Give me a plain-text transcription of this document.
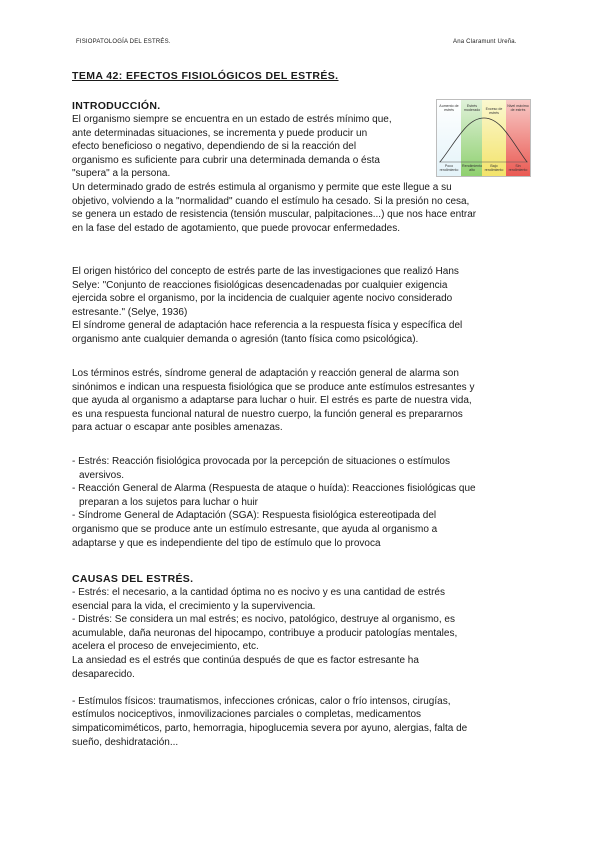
FISIOPATOLOGÍA DEL ESTRÉS.	Ana Claramunt Ureña.
TEMA 42: EFECTOS FISIOLÓGICOS DEL ESTRÉS.
INTRODUCCIÓN.

El organismo siempre se encuentra en un estado de estrés mínimo que,

ante determinadas situaciones, se incrementa y puede producir un

efecto beneficioso o negativo, dependiendo de si la reacción del

organismo es suficiente para cubrir una determinada demanda o ésta

"supera" a la persona.

Un determinado grado de estrés estimula al organismo y permite que este llegue a su

objetivo, volviendo a la "normalidad" cuando el estímulo ha cesado. Si la presión no cesa,

se genera un estado de resistencia (tensión muscular, palpitaciones...) que nos hace entrar

en la fase del estado de agotamiento, que puede provocar enfermedades.

Aumento de estrés
Estrés moderado	Exceso de estrés
Nivel máximo de estrés
Poco rendimiento
Rendimiento alto
Bajo rendimiento
Sin rendimiento

El origen histórico del concepto de estrés parte de las investigaciones que realizó Hans

Selye: "Conjunto de reacciones fisiológicas desencadenadas por cualquier exigencia

ejercida sobre el organismo, por la incidencia de cualquier agente nocivo considerado

estresante." (Selye, 1936)

El síndrome general de adaptación hace referencia a la respuesta física y específica del

organismo ante cualquier demanda o agresión (tanto física como psicológica).

Los términos estrés, síndrome general de adaptación y reacción general de alarma son

sinónimos e indican una respuesta fisiológica que se produce ante estímulos estresantes y

que ayuda al organismo a adaptarse para luchar o huir. El estrés es parte de nuestra vida,

es una respuesta funcional natural de nuestro cuerpo, la función general es prepararnos

para actuar o escapar ante posibles amenazas.

- Estrés: Reacción fisiológica provocada por la percepción de situaciones o estímulos

aversivos.

- Reacción General de Alarma (Respuesta de ataque o huída): Reacciones fisiológicas que

preparan a los sujetos para luchar o huir

- Síndrome General de Adaptación (SGA): Respuesta fisiológica estereotipada del

organismo que se produce ante un estímulo estresante, que ayuda al organismo a

adaptarse y que es independiente del tipo de estímulo que lo provoca

CAUSAS DEL ESTRÉS.

- Estrés: el necesario, a la cantidad óptima no es nocivo y es una cantidad de estrés

esencial para la vida, el crecimiento y la supervivencia.

- Distrés: Se considera un mal estrés; es nocivo, patológico, destruye al organismo, es

acumulable, daña neuronas del hipocampo, contribuye a producir patologías mentales,

acelera el proceso de envejecimiento, etc.

La ansiedad es el estrés que continúa después de que es factor estresante ha

desaparecido.

- Estímulos físicos: traumatismos, infecciones crónicas, calor o frío intensos, cirugías,

estímulos nociceptivos, inmovilizaciones parciales o completas, medicamentos

simpaticomiméticos, parto, hemorragia, hipoglucemia severa por ayuno, alergias, falta de

sueño, deshidratación...
